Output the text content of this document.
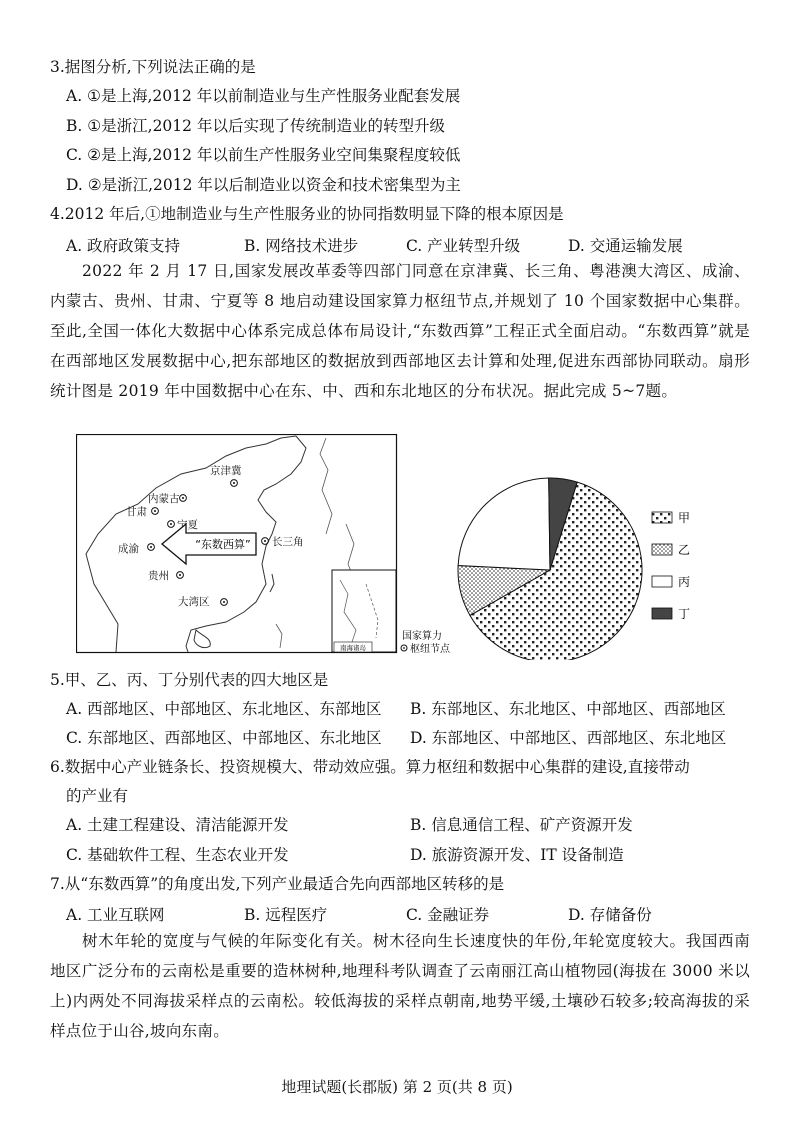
3.据图分析,下列说法正确的是
A. ①是上海,2012 年以前制造业与生产性服务业配套发展
B. ①是浙江,2012 年以后实现了传统制造业的转型升级
C. ②是上海,2012 年以前生产性服务业空间集聚程度较低
D. ②是浙江,2012 年以后制造业以资金和技术密集型为主
4.2012 年后,①地制造业与生产性服务业的协同指数明显下降的根本原因是
A. 政府政策支持	B. 网络技术进步	C. 产业转型升级	D. 交通运输发展
2022 年 2 月 17 日,国家发展改革委等四部门同意在京津冀、长三角、粤港澳大湾区、成渝、内蒙古、贵州、甘肃、宁夏等 8 地启动建设国家算力枢纽节点,并规划了 10 个国家数据中心集群。至此,全国一体化大数据中心体系完成总体布局设计,“东数西算”工程正式全面启动。“东数西算”就是在西部地区发展数据中心,把东部地区的数据放到西部地区去计算和处理,促进东西部协同联动。扇形统计图是 2019 年中国数据中心在东、中、西和东北地区的分布状况。据此完成 5~7题。
南海诸岛
内蒙古
京津冀
宁夏
甘肃
长三角
成渝
贵州
大湾区
“东数西算”
国家算力
枢纽节点
甲
乙
丙
丁
5.甲、乙、丙、丁分别代表的四大地区是
A. 西部地区、中部地区、东北地区、东部地区 B. 东部地区、东北地区、中部地区、西部地区
C. 东部地区、西部地区、中部地区、东北地区 D. 东部地区、中部地区、西部地区、东北地区
6.数据中心产业链条长、投资规模大、带动效应强。算力枢纽和数据中心集群的建设,直接带动
的产业有
A. 土建工程建设、清洁能源开发	B. 信息通信工程、矿产资源开发
C. 基础软件工程、生态农业开发	D. 旅游资源开发、IT 设备制造
7.从“东数西算”的角度出发,下列产业最适合先向西部地区转移的是
A. 工业互联网	B. 远程医疗	C. 金融证券	D. 存储备份
树木年轮的宽度与气候的年际变化有关。树木径向生长速度快的年份,年轮宽度较大。我国西南地区广泛分布的云南松是重要的造林树种,地理科考队调查了云南丽江高山植物园(海拔在 3000 米以上)内两处不同海拔采样点的云南松。较低海拔的采样点朝南,地势平缓,土壤砂石较多;较高海拔的采样点位于山谷,坡向东南。
地理试题(长郡版) 第 2 页(共 8 页)
